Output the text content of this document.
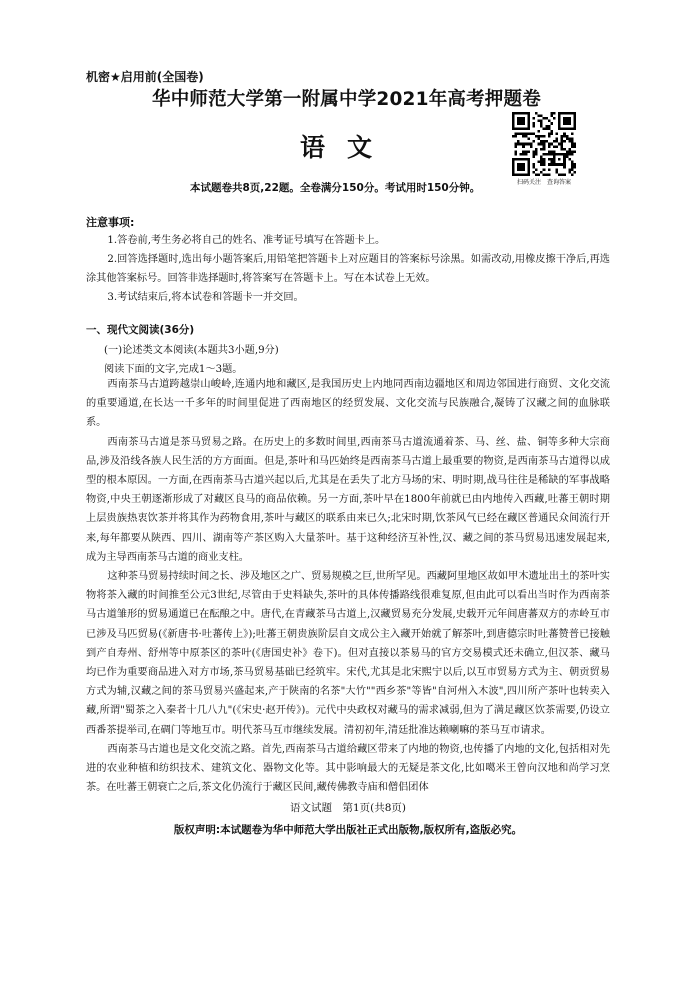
机密★启用前(全国卷)
华中师范大学第一附属中学2021年高考押题卷
语文
扫码关注　查询答案
本试题卷共8页,22题。全卷满分150分。考试用时150分钟。
注意事项:
1.答卷前,考生务必将自己的姓名、准考证号填写在答题卡上。
2.回答选择题时,选出每小题答案后,用铅笔把答题卡上对应题目的答案标号涂黑。如需改动,用橡皮擦干净后,再选涂其他答案标号。回答非选择题时,将答案写在答题卡上。写在本试卷上无效。
3.考试结束后,将本试卷和答题卡一并交回。
一、现代文阅读(36分)
(一)论述类文本阅读(本题共3小题,9分)
阅读下面的文字,完成1～3题。

西南茶马古道跨越崇山峻岭,连通内地和藏区,是我国历史上内地同西南边疆地区和周边邻国进行商贸、文化交流的重要通道,在长达一千多年的时间里促进了西南地区的经贸发展、文化交流与民族融合,凝铸了汉藏之间的血脉联系。

西南茶马古道是茶马贸易之路。在历史上的多数时间里,西南茶马古道流通着茶、马、丝、盐、铜等多种大宗商品,涉及沿线各族人民生活的方方面面。但是,茶叶和马匹始终是西南茶马古道上最重要的物资,是西南茶马古道得以成型的根本原因。一方面,在西南茶马古道兴起以后,尤其是在丢失了北方马场的宋、明时期,战马往往是稀缺的军事战略物资,中央王朝逐渐形成了对藏区良马的商品依赖。另一方面,茶叶早在1800年前就已由内地传入西藏,吐蕃王朝时期上层贵族热衷饮茶并将其作为药物食用,茶叶与藏区的联系由来已久;北宋时期,饮茶风气已经在藏区普通民众间流行开来,每年都要从陕西、四川、湖南等产茶区购入大量茶叶。基于这种经济互补性,汉、藏之间的茶马贸易迅速发展起来,成为主导西南茶马古道的商业支柱。

这种茶马贸易持续时间之长、涉及地区之广、贸易规模之巨,世所罕见。西藏阿里地区故如甲木遗址出土的茶叶实物将茶入藏的时间推至公元3世纪,尽管由于史料缺失,茶叶的具体传播路线很难复原,但由此可以看出当时作为西南茶马古道雏形的贸易通道已在酝酿之中。唐代,在青藏茶马古道上,汉藏贸易充分发展,史载开元年间唐蕃双方的赤岭互市已涉及马匹贸易(《新唐书·吐蕃传上》);吐蕃王朝贵族阶层自文成公主入藏开始就了解茶叶,到唐德宗时吐蕃赞普已接触到产自寿州、舒州等中原茶区的茶叶(《唐国史补》卷下)。但对直接以茶易马的官方交易模式还未确立,但汉茶、藏马均已作为重要商品进入对方市场,茶马贸易基础已经筑牢。宋代,尤其是北宋熙宁以后,以互市贸易方式为主、朝贡贸易方式为辅,汉藏之间的茶马贸易兴盛起来,产于陕南的名茶"大竹""西乡茶"等皆"自河州入木波",四川所产茶叶也转卖入藏,所谓"蜀茶之入秦者十几八九"(《宋史·赵开传》)。元代中央政权对藏马的需求减弱,但为了满足藏区饮茶需要,仍设立西番茶提举司,在碉门等地互市。明代茶马互市继续发展。清初初年,清廷批准达赖喇嘛的茶马互市请求。

西南茶马古道也是文化交流之路。首先,西南茶马古道给藏区带来了内地的物资,也传播了内地的文化,包括相对先进的农业种植和纺织技术、建筑文化、器物文化等。其中影响最大的无疑是茶文化,比如噶米王曾向汉地和尚学习烹茶。在吐蕃王朝衰亡之后,茶文化仍流行于藏区民间,藏传佛教寺庙和僧侣团体

语文试题　第1页(共8页)
版权声明:本试题卷为华中师范大学出版社正式出版物,版权所有,盗版必究。
